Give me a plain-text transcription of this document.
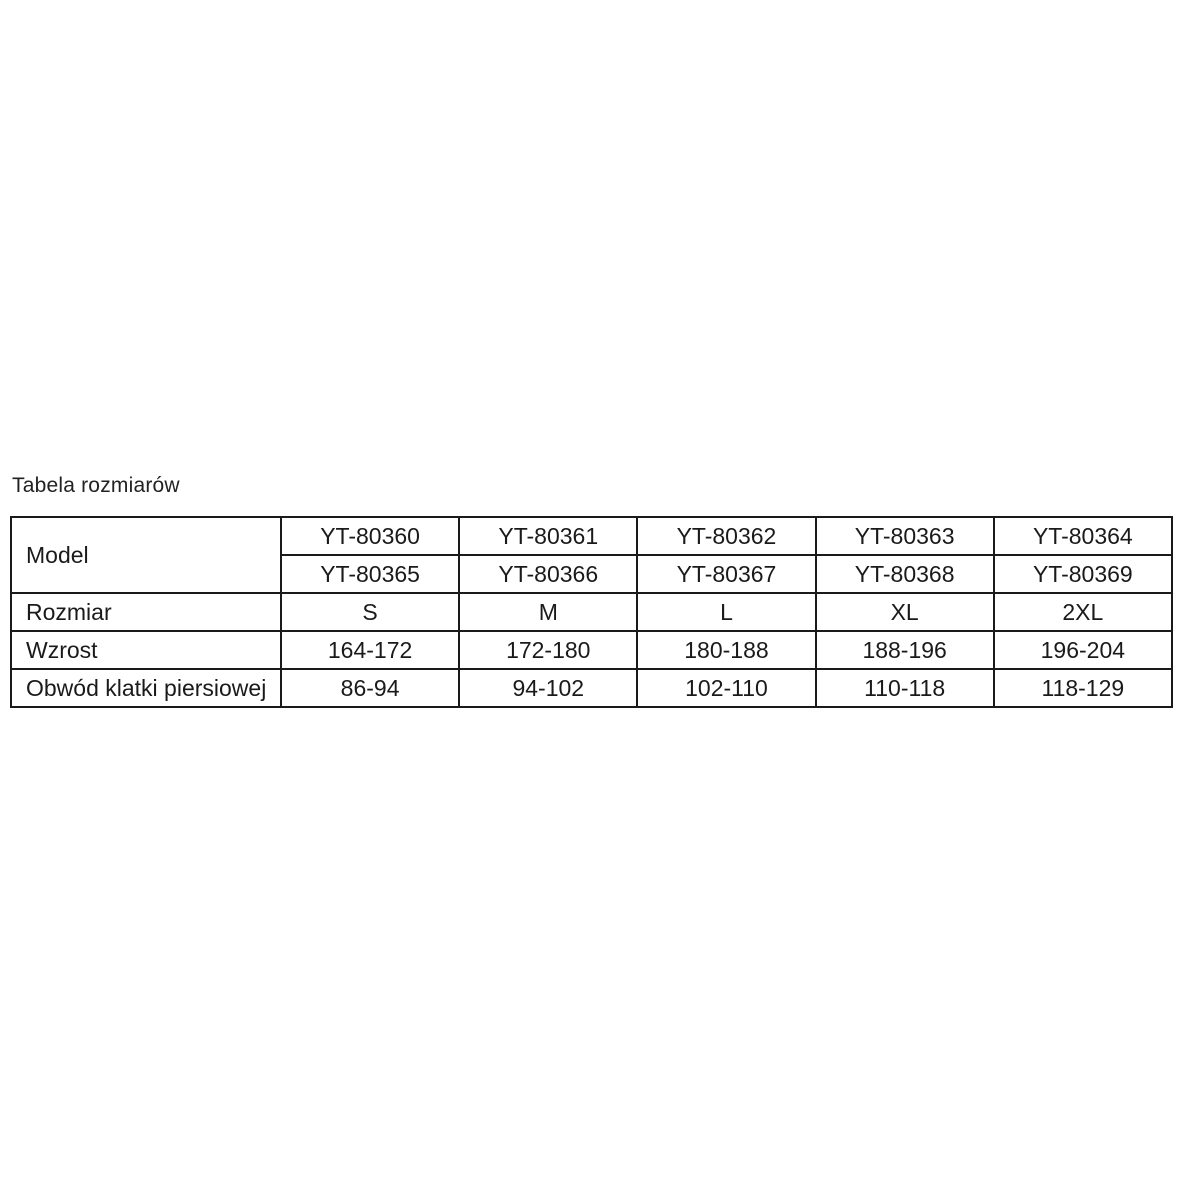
Tabela rozmiarów
Model	YT-80360	YT-80361	YT-80362	YT-80363	YT-80364
	YT-80365	YT-80366	YT-80367	YT-80368	YT-80369
Rozmiar	S	M	L	XL	2XL
Wzrost	164-172	172-180	180-188	188-196	196-204
Obwód klatki piersiowej	86-94	94-102	102-110	110-118	118-129
